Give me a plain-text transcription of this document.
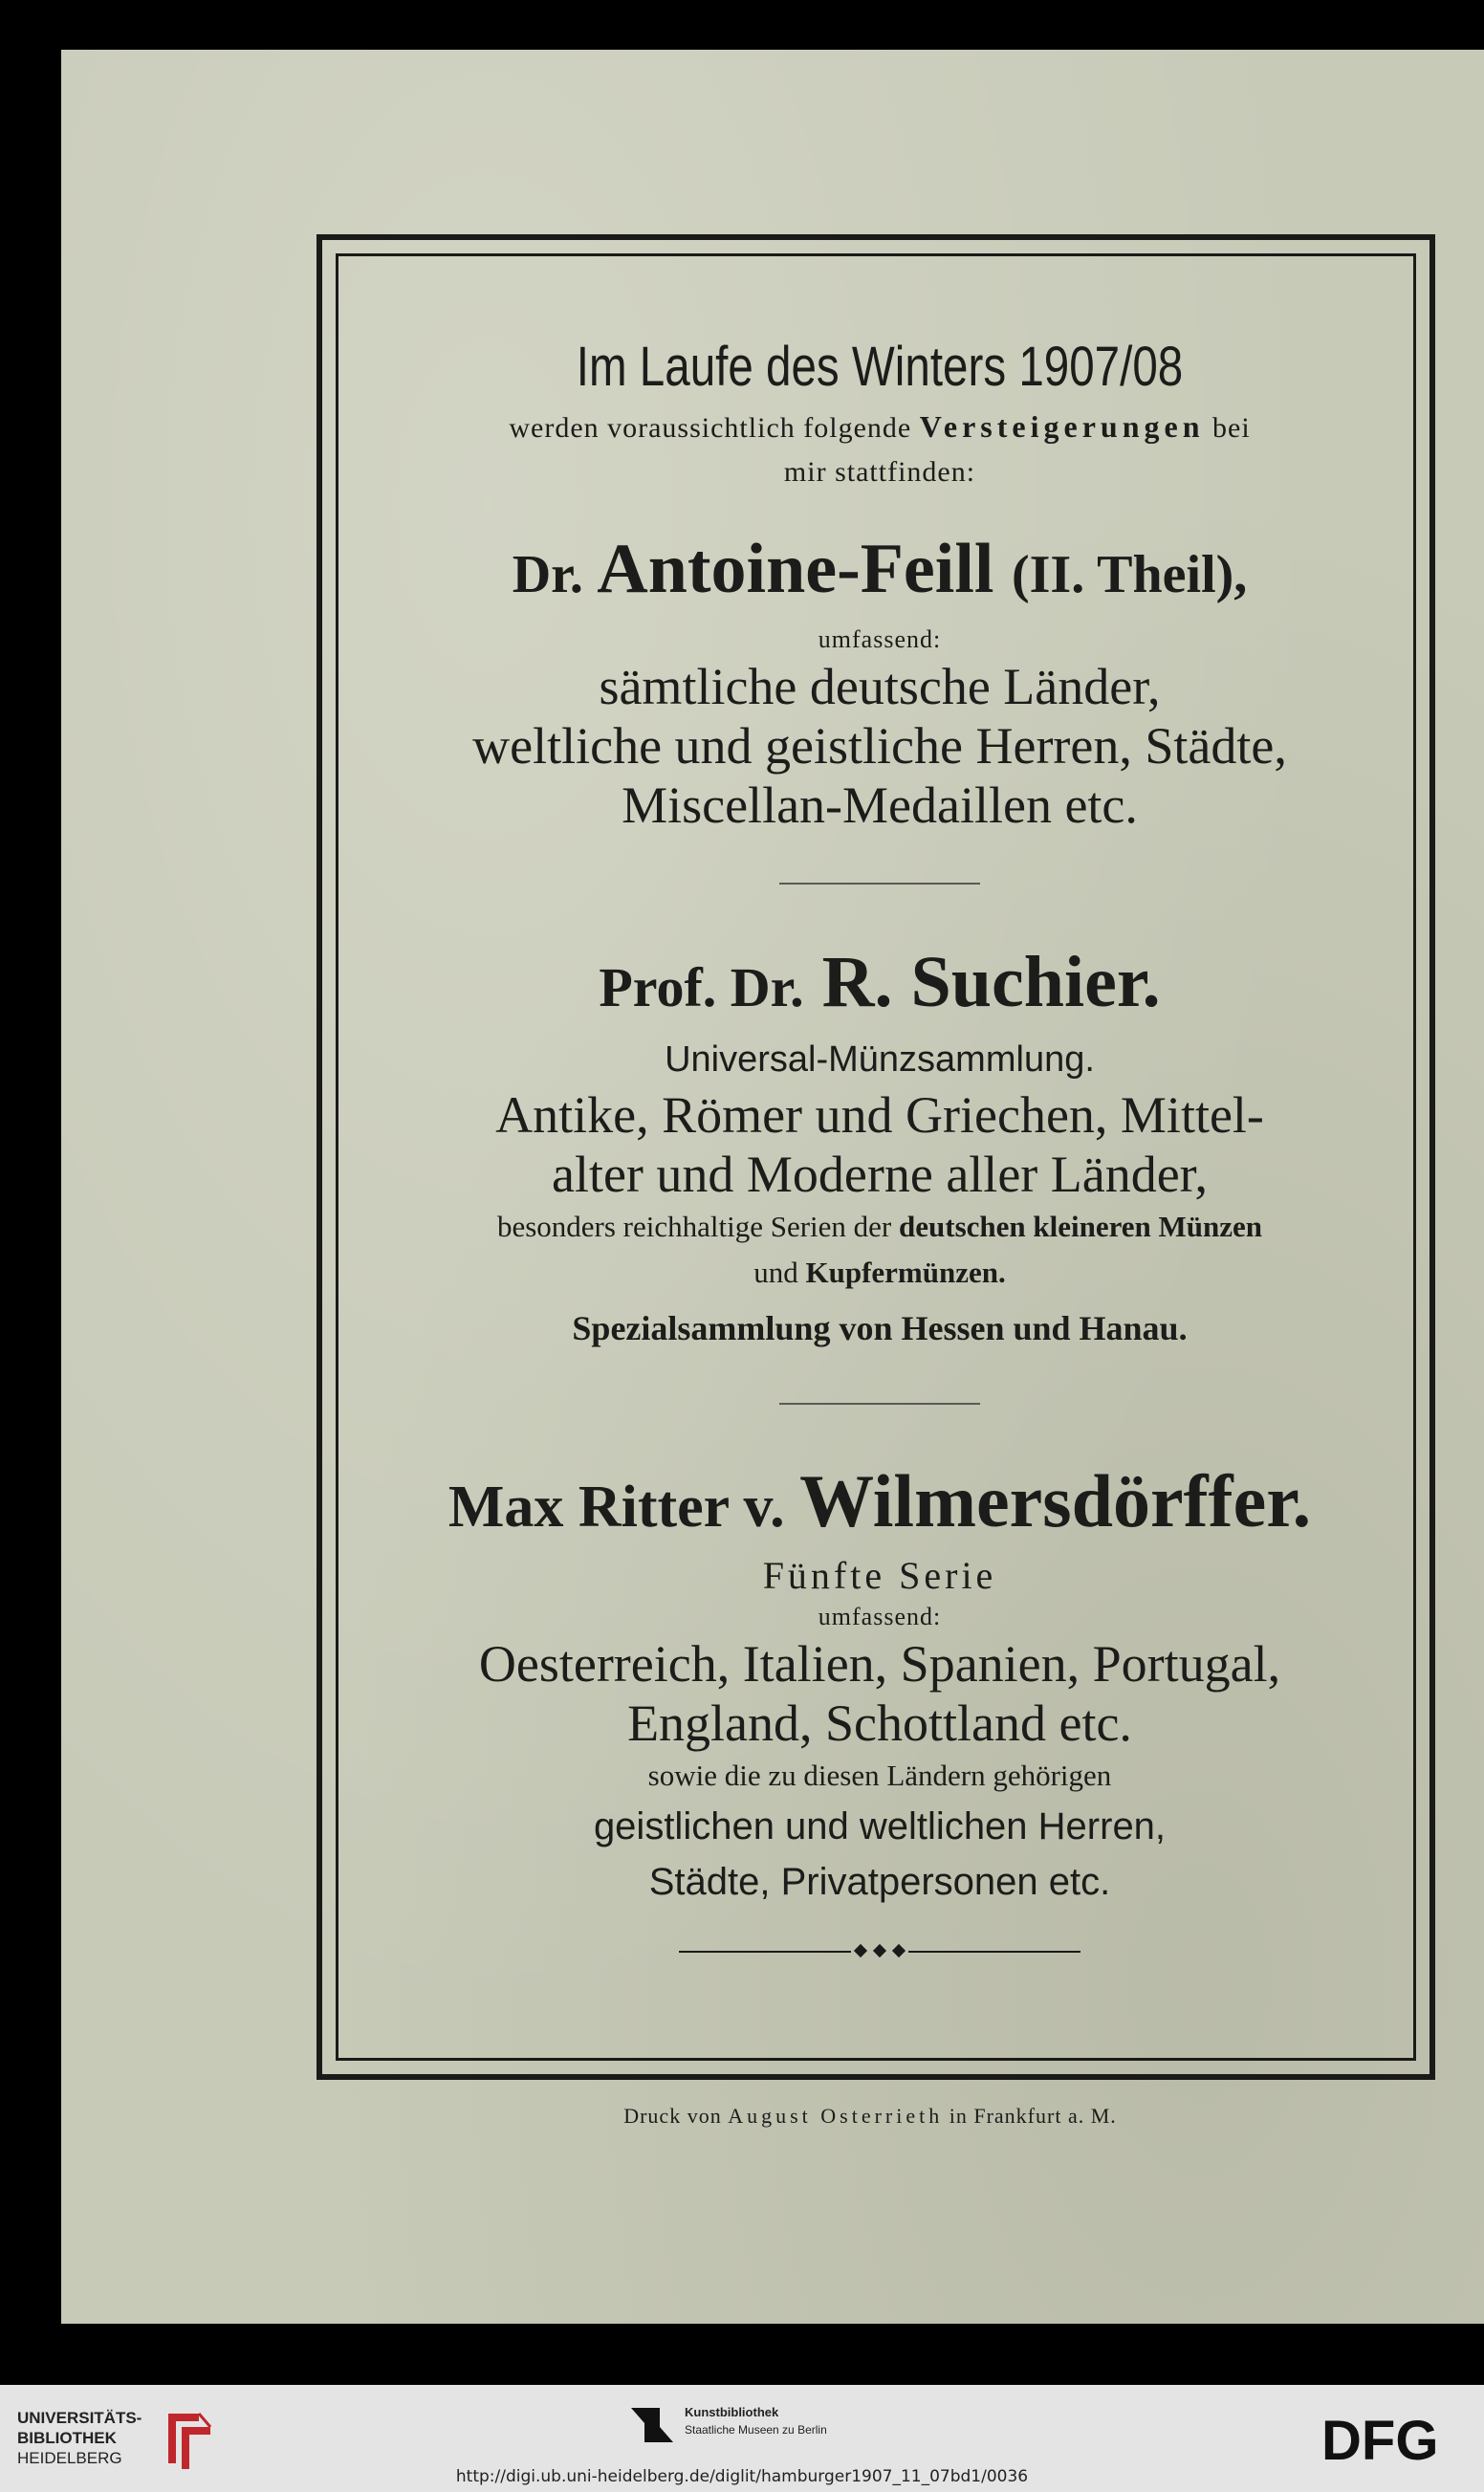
Im Laufe des Winters 1907/08
werden voraussichtlich folgende Versteigerungen bei
mir stattfinden:
Dr. Antoine-Feill (II. Theil),
umfassend:
sämtliche deutsche Länder,
weltliche und geistliche Herren, Städte,
Miscellan-Medaillen etc.
Prof. Dr. R. Suchier.
Universal-Münzsammlung.
Antike, Römer und Griechen, Mittel-
alter und Moderne aller Länder,
besonders reichhaltige Serien der deutschen kleineren Münzen
und Kupfermünzen.
Spezialsammlung von Hessen und Hanau.
Max Ritter v. Wilmersdörffer.
Fünfte Serie
umfassend:
Oesterreich, Italien, Spanien, Portugal,
England, Schottland etc.
sowie die zu diesen Ländern gehörigen
geistlichen und weltlichen Herren,
Städte, Privatpersonen etc.
Druck von August Osterrieth in Frankfurt a. M.
UNIVERSITÄTS-
BIBLIOTHEK
HEIDELBERG
Kunstbibliothek
Staatliche Museen zu Berlin	DFG
http://digi.ub.uni-heidelberg.de/diglit/hamburger1907_11_07bd1/0036
